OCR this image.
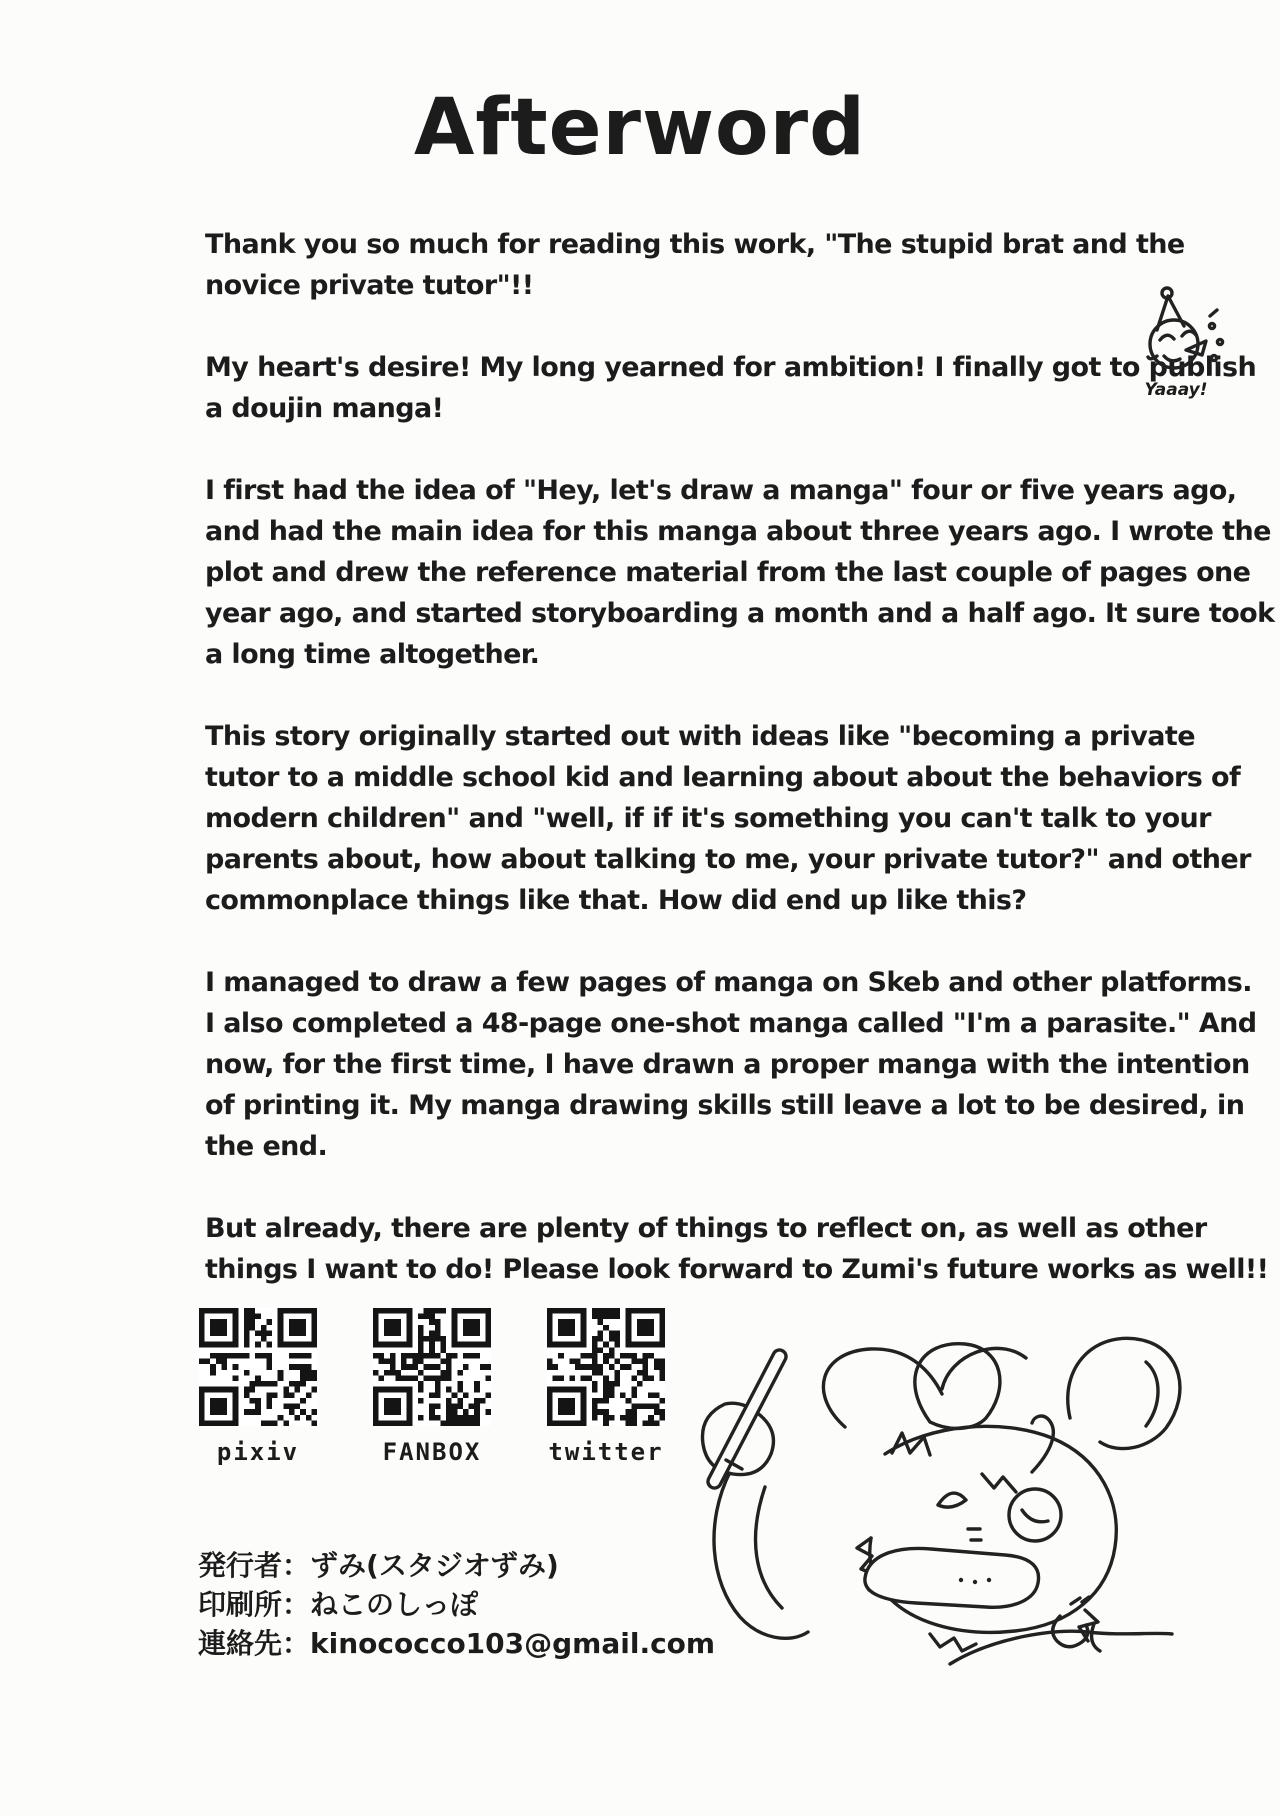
Afterword
Thank you so much for reading this work, "The stupid brat and the
novice private tutor"!!
My heart's desire! My long yearned for ambition! I finally got to publish
a doujin manga!
I first had the idea of "Hey, let's draw a manga" four or five years ago,
and had the main idea for this manga about three years ago. I wrote the
plot and drew the reference material from the last couple of pages one
year ago, and started storyboarding a month and a half ago. It sure took
a long time altogether.
This story originally started out with ideas like "becoming a private
tutor to a middle school kid and learning about about the behaviors of
modern children" and "well, if if it's something you can't talk to your
parents about, how about talking to me, your private tutor?" and other
commonplace things like that. How did end up like this?
I managed to draw a few pages of manga on Skeb and other platforms.
I also completed a 48-page one-shot manga called "I'm a parasite." And
now, for the first time, I have drawn a proper manga with the intention
of printing it. My manga drawing skills still leave a lot to be desired, in
the end.
But already, there are plenty of things to reflect on, as well as other
things I want to do! Please look forward to Zumi's future works as well!!
Yaaay!
pixiv	FANBOX	twitter
発行者：ずみ(スタジオずみ)
印刷所：ねこのしっぽ
連絡先：kinococco103@gmail.com
